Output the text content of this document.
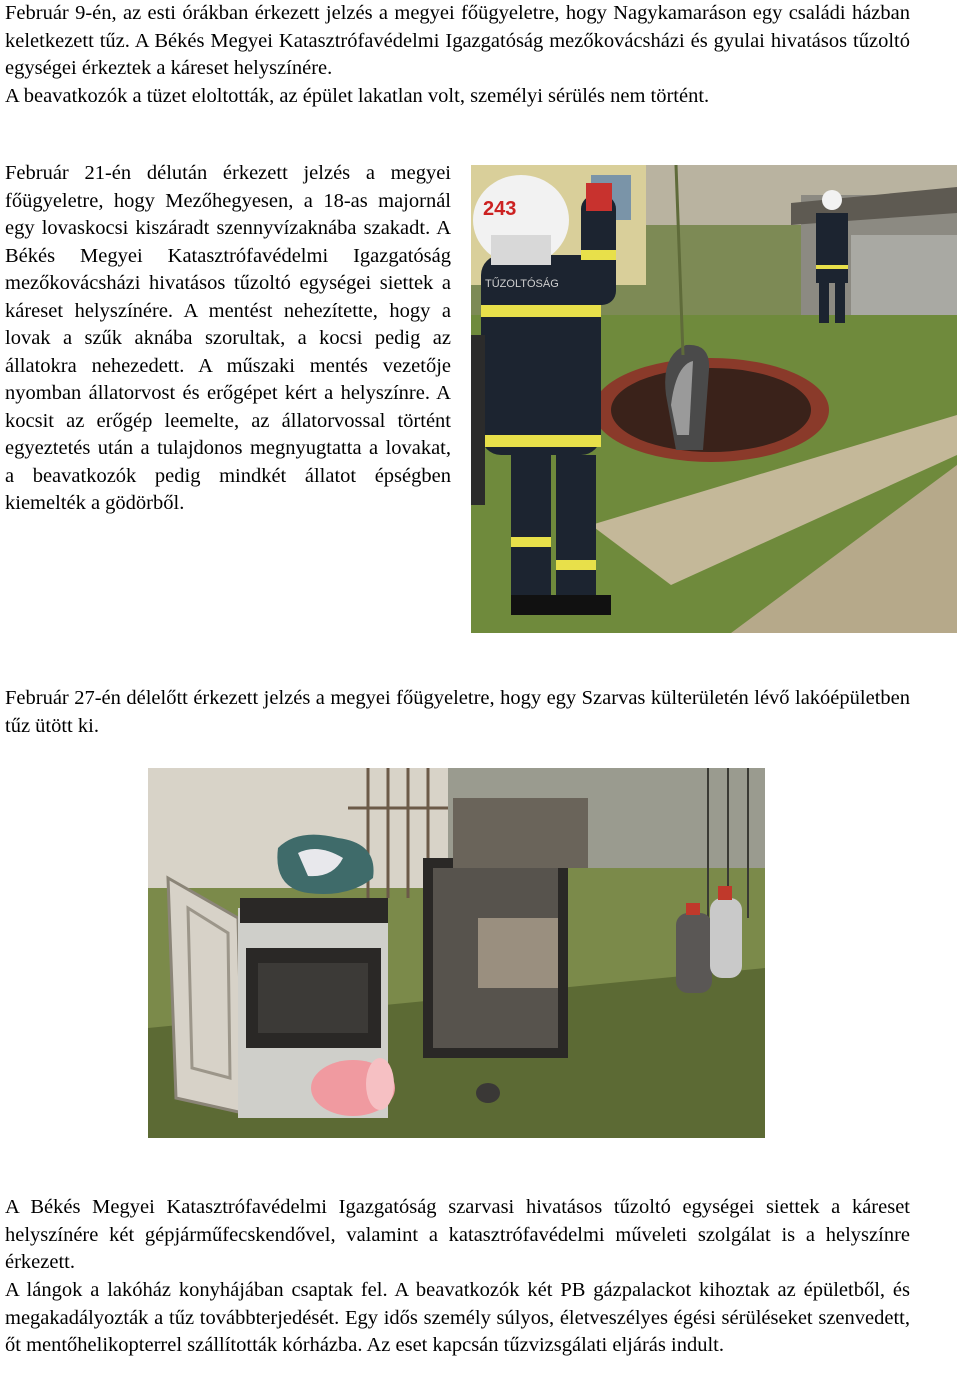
Február 9-én, az esti órákban érkezett jelzés a megyei főügyeletre, hogy Nagykamaráson egy családi házban keletkezett tűz. A Békés Megyei Katasztrófavédelmi Igazgatóság mezőkovácsházi és gyulai hivatásos tűzoltó egységei érkeztek a káreset helyszínére.
A beavatkozók a tüzet eloltották, az épület lakatlan volt, személyi sérülés nem történt.

Február 21-én délután érkezett jelzés a megyei főügyeletre, hogy Mezőhegyesen, a 18-as majornál egy lovaskocsi kiszáradt szennyvízaknába szakadt. A Békés Megyei Katasztrófavédelmi Igazgatóság mezőkovácsházi hivatásos tűzoltó egységei siettek a káreset helyszínére. A mentést nehezítette, hogy a lovak a szűk aknába szorultak, a kocsi pedig az állatokra nehezedett. A műszaki mentés vezetője nyomban állatorvost és erőgépet kért a helyszínre. A kocsit az erőgép leemelte, az állatorvossal történt egyeztetés után a tulajdonos megnyugtatta a lovakat, a beavatkozók pedig mindkét állatot épségben kiemelték a gödörből.

243
TŰZOLTÓSÁG

Február 27-én délelőtt érkezett jelzés a megyei főügyeletre, hogy egy Szarvas külterületén lévő lakóépületben tűz ütött ki.

A Békés Megyei Katasztrófavédelmi Igazgatóság szarvasi hivatásos tűzoltó egységei siettek a káreset helyszínére két gépjárműfecskendővel, valamint a katasztrófavédelmi műveleti szolgálat is a helyszínre érkezett.

A lángok a lakóház konyhájában csaptak fel. A beavatkozók két PB gázpalackot kihoztak az épületből, és megakadályozták a tűz továbbterjedését. Egy idős személy súlyos, életveszélyes égési sérüléseket szenvedett, őt mentőhelikopterrel szállították kórházba. Az eset kapcsán tűzvizsgálati eljárás indult.
